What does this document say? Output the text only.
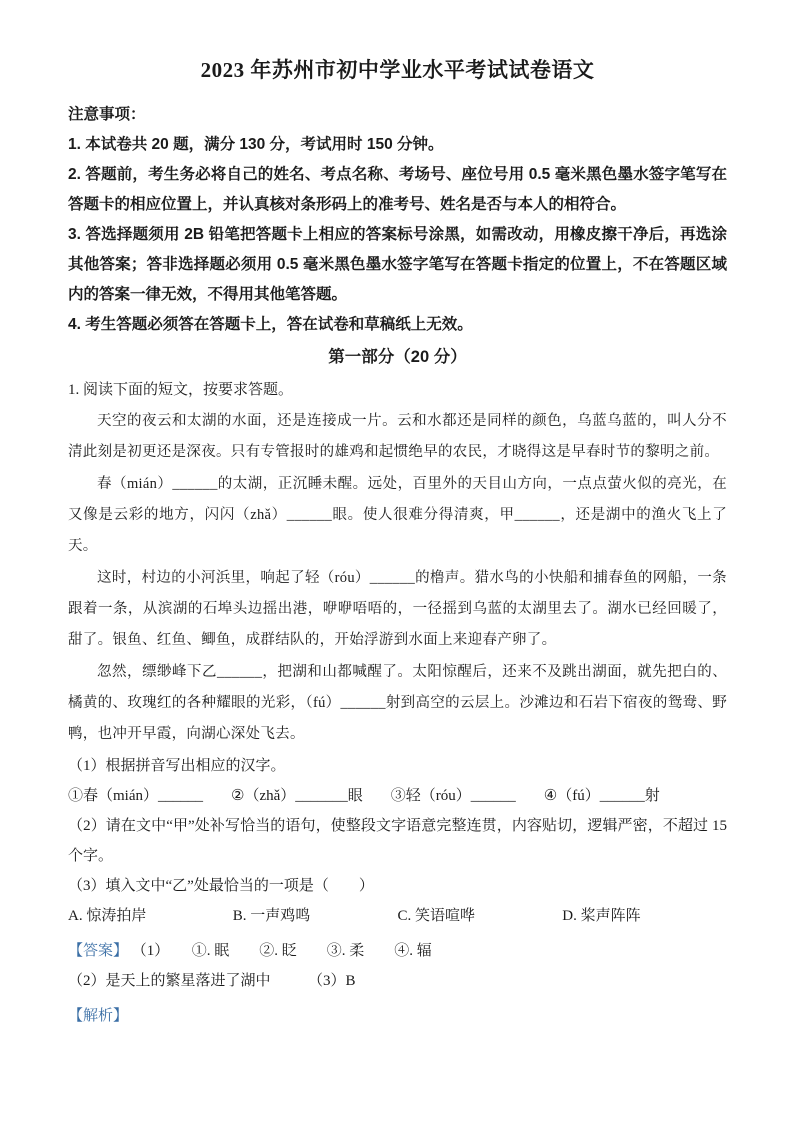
2023 年苏州市初中学业水平考试试卷语文

注意事项：

1. 本试卷共 20 题，满分 130 分，考试用时 150 分钟。

2. 答题前，考生务必将自己的姓名、考点名称、考场号、座位号用 0.5 毫米黑色墨水签字笔写在答题卡的相应位置上，并认真核对条形码上的准考号、姓名是否与本人的相符合。

3. 答选择题须用 2B 铅笔把答题卡上相应的答案标号涂黑，如需改动，用橡皮擦干净后，再选涂其他答案；答非选择题必须用 0.5 毫米黑色墨水签字笔写在答题卡指定的位置上，不在答题区域内的答案一律无效，不得用其他笔答题。

4. 考生答题必须答在答题卡上，答在试卷和草稿纸上无效。

第一部分（20 分）

1. 阅读下面的短文，按要求答题。

天空的夜云和太湖的水面，还是连接成一片。云和水都还是同样的颜色，乌蓝乌蓝的，叫人分不清此刻是初更还是深夜。只有专管报时的雄鸡和起惯绝早的农民，才晓得这是早春时节的黎明之前。

春（mián）______的太湖，正沉睡未醒。远处，百里外的天目山方向，一点点萤火似的亮光，在又像是云彩的地方，闪闪（zhǎ）______眼。使人很难分得清爽，甲______，还是湖中的渔火飞上了天。

这时，村边的小河浜里，响起了轻（róu）______的橹声。猎水鸟的小快船和捕春鱼的网船，一条跟着一条，从滨湖的石埠头边摇出港，咿咿唔唔的，一径摇到乌蓝的太湖里去了。湖水已经回暖了，甜了。银鱼、红鱼、鲫鱼，成群结队的，开始浮游到水面上来迎春产卵了。

忽然，缥缈峰下乙______，把湖和山都喊醒了。太阳惊醒后，还来不及跳出湖面，就先把白的、橘黄的、玫瑰红的各种耀眼的光彩，（fú）______射到高空的云层上。沙滩边和石岩下宿夜的鸳鸯、野鸭，也冲开早霞，向湖心深处飞去。

（1）根据拼音写出相应的汉字。

①春（mián）______ ②（zhǎ）_______眼 ③轻（róu）______ ④（fú）______射

（2）请在文中“甲”处补写恰当的语句，使整段文字语意完整连贯，内容贴切，逻辑严密，不超过 15 个字。

（3）填入文中“乙”处最恰当的一项是（　　）

A. 惊涛拍岸	B. 一声鸡鸣	C. 笑语喧哗	D. 桨声阵阵

【答案】 （1）　　①. 眠　　②. 眨　　③. 柔　　④. 辐

（2）是天上的繁星落进了湖中　　　（3）B

【解析】
